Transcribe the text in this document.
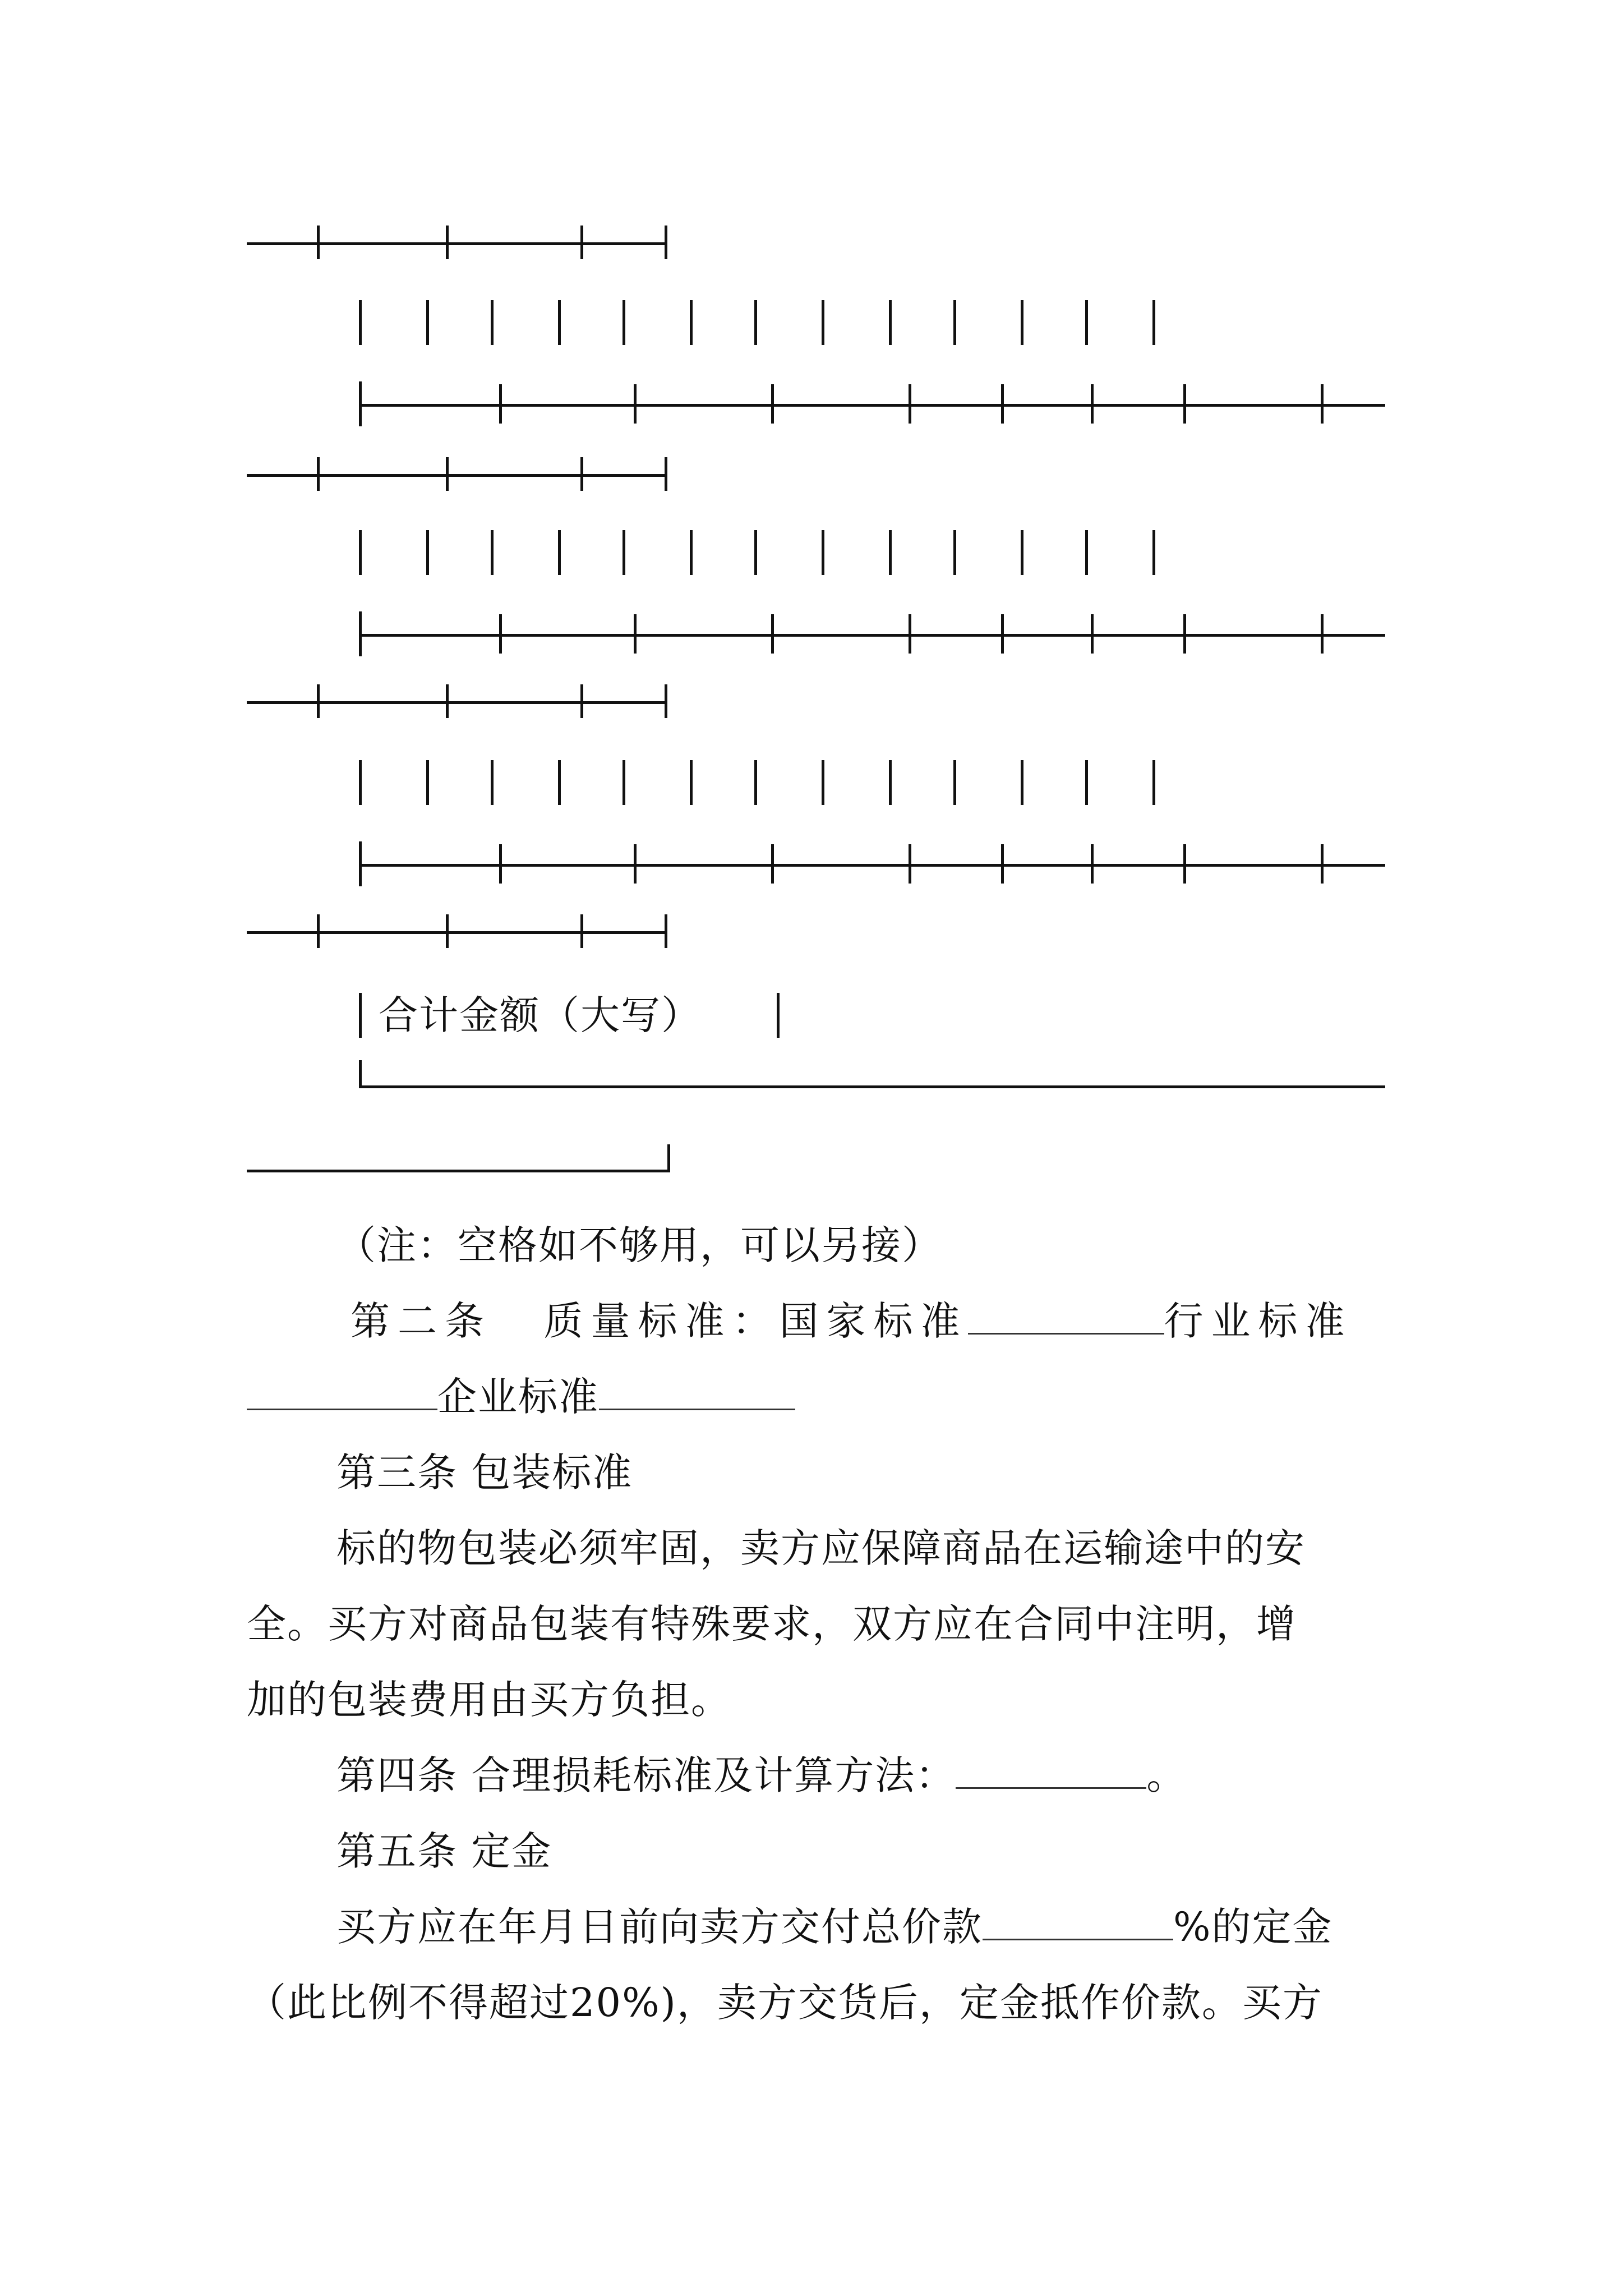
合计金额（大写）
（注：空格如不够用，可以另接）
第二条 质量标准：国家标准	行业标准
企业标准
第三条 包装标准
标的物包装必须牢固，卖方应保障商品在运输途中的安
全。买方对商品包装有特殊要求，双方应在合同中注明，增
加的包装费用由买方负担。
第四条 合理损耗标准及计算方法：	。
第五条 定金
买方应在年月日前向卖方交付总价款	%的定金
（此比例不得超过20%)，卖方交货后，定金抵作价款。买方
